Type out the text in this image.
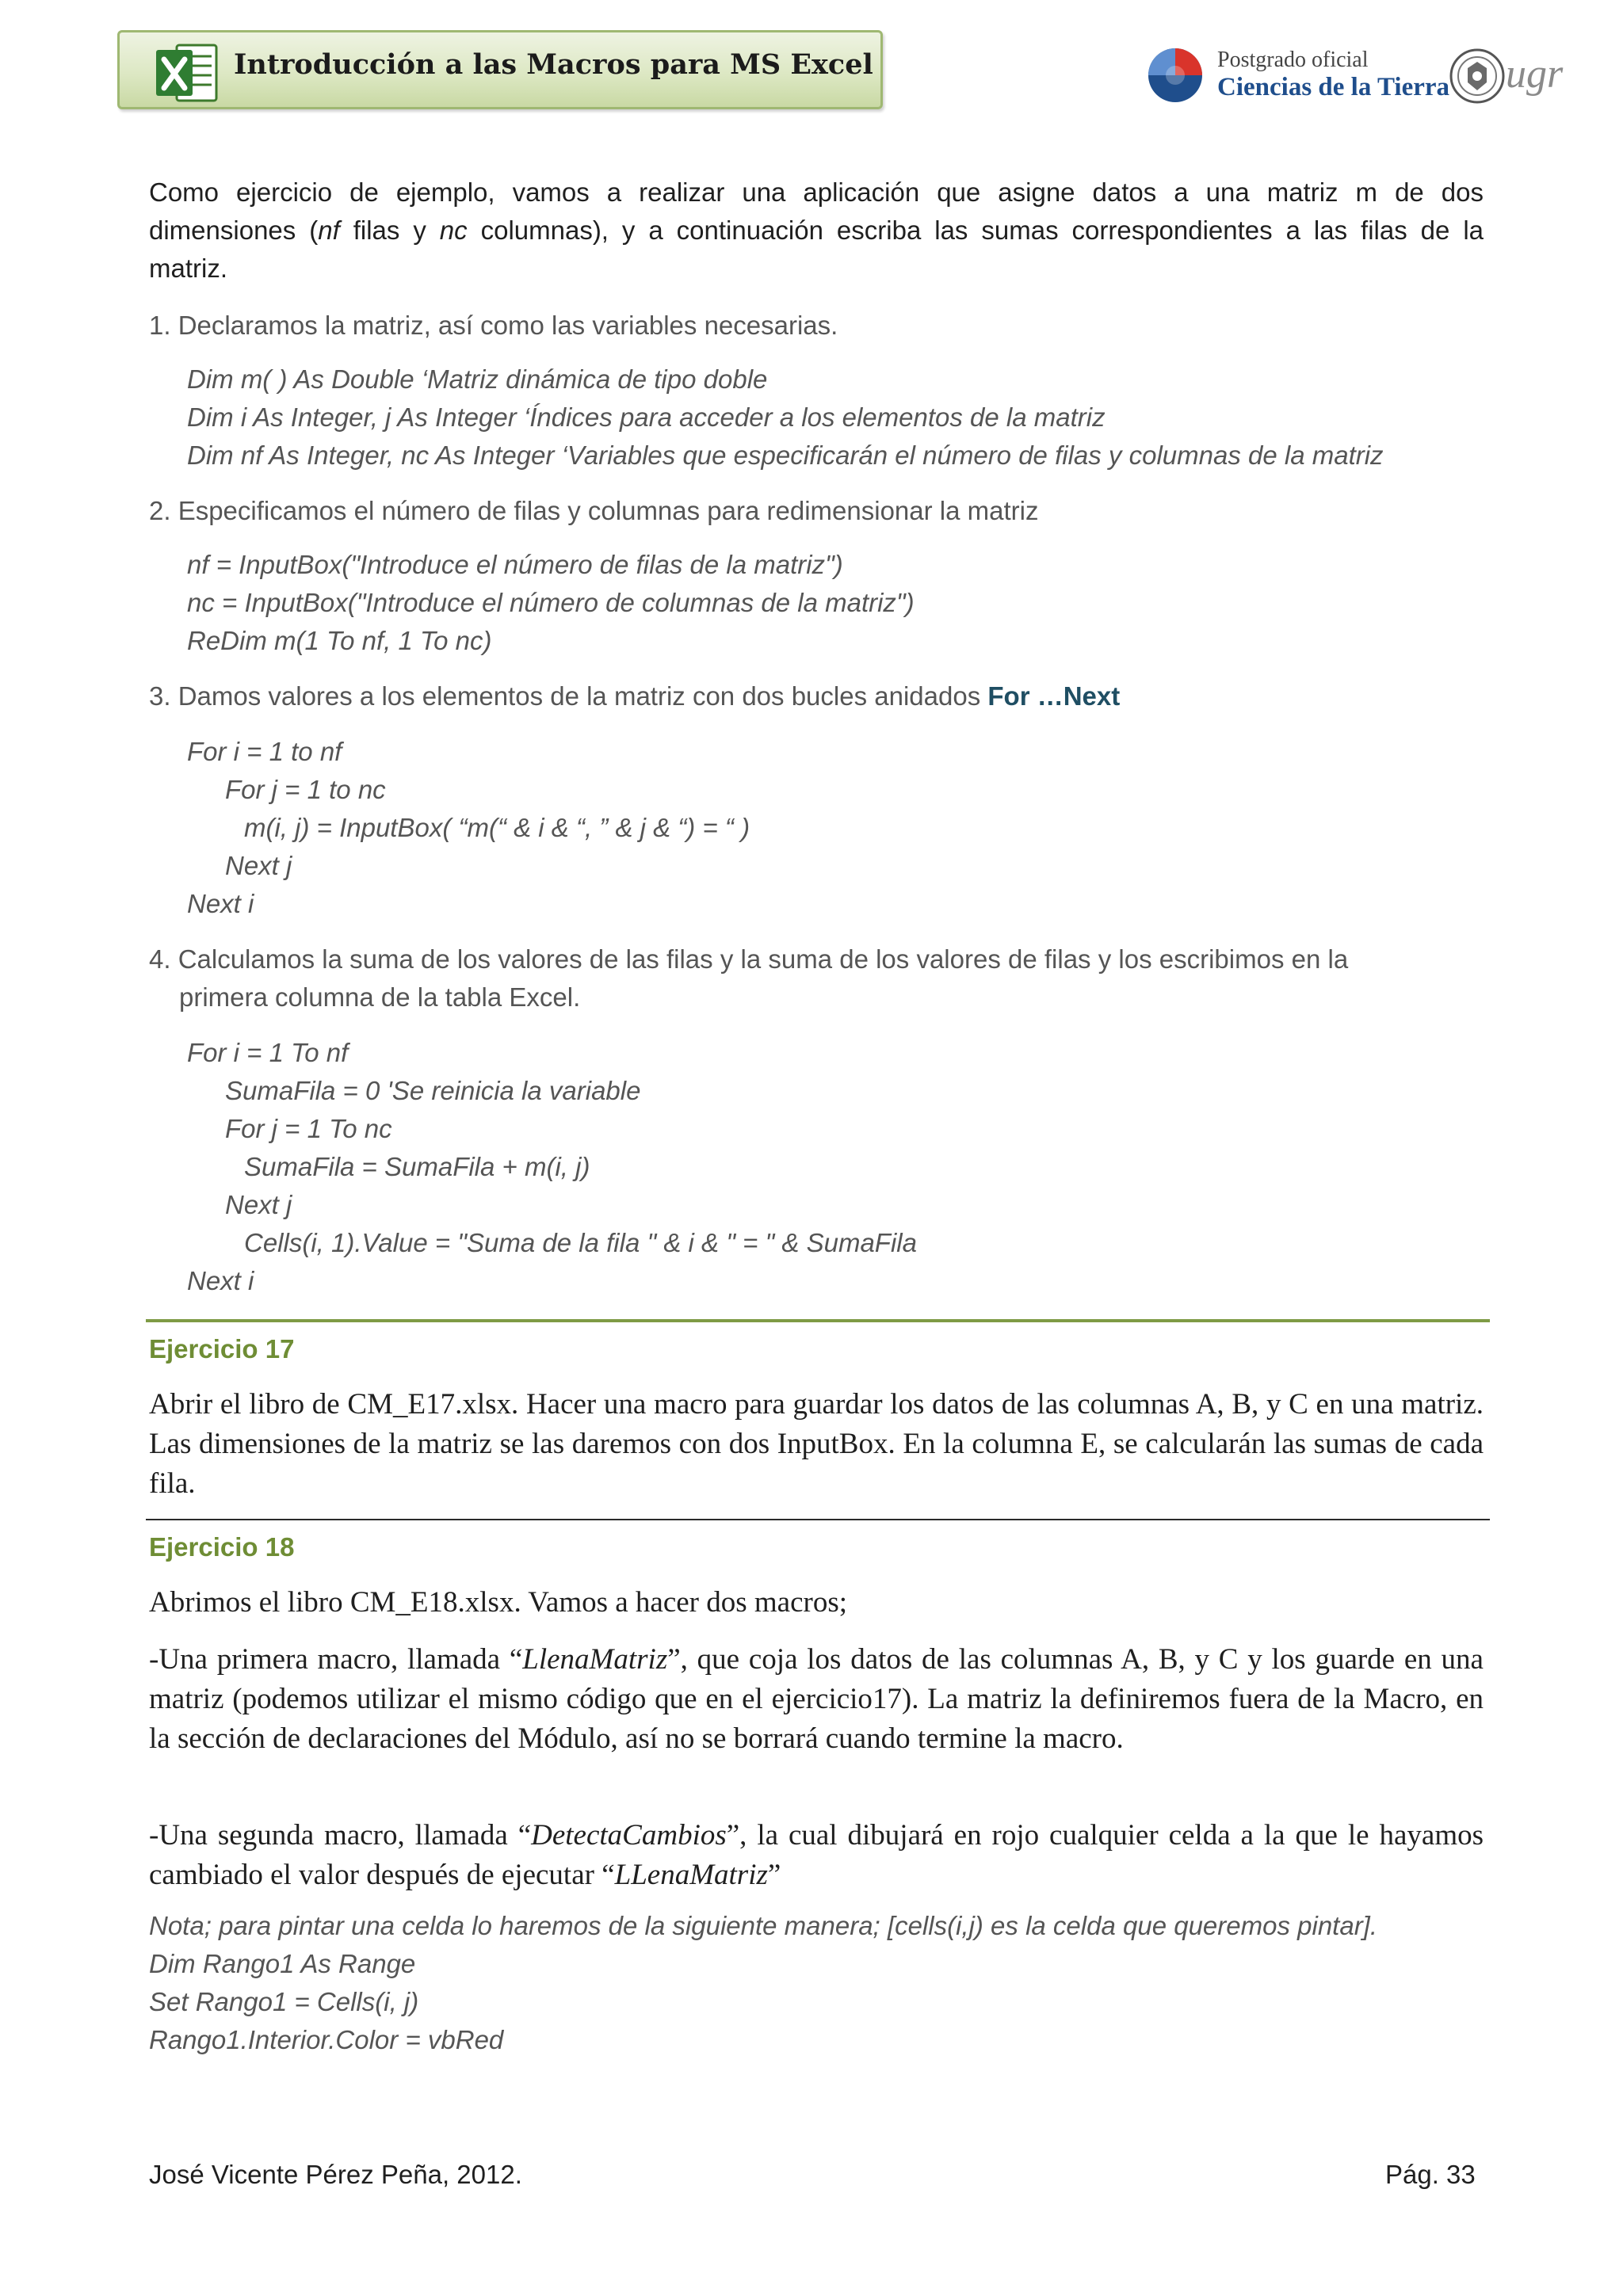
Introducción a las Macros para MS Excel	Postgrado oficial
Ciencias de la Tierra ugr
Como ejercicio de ejemplo, vamos a realizar una aplicación que asigne datos a una matriz m de dos
dimensiones (nf filas y nc columnas), y a continuación escriba las sumas correspondientes a las filas de la
matriz.
1. Declaramos la matriz, así como las variables necesarias.
Dim m( ) As Double ‘Matriz dinámica de tipo doble
Dim i As Integer, j As Integer ‘Índices para acceder a los elementos de la matriz
Dim nf As Integer, nc As Integer ‘Variables que especificarán el número de filas y columnas de la matriz
2. Especificamos el número de filas y columnas para redimensionar la matriz
nf = InputBox("Introduce el número de filas de la matriz")
nc = InputBox("Introduce el número de columnas de la matriz")
ReDim m(1 To nf, 1 To nc)
3. Damos valores a los elementos de la matriz con dos bucles anidados For …Next
For i = 1 to nf
For j = 1 to nc
m(i, j) = InputBox( “m(“ & i & “, ” & j & “) = “ )
Next j
Next i
4. Calculamos la suma de los valores de las filas y la suma de los valores de filas y los escribimos en la
primera columna de la tabla Excel.
For i = 1 To nf
SumaFila = 0 'Se reinicia la variable
For j = 1 To nc
SumaFila = SumaFila + m(i, j)
Next j
Cells(i, 1).Value = "Suma de la fila " & i & " = " & SumaFila
Next i
Ejercicio 17
Abrir el libro de CM_E17.xlsx. Hacer una macro para guardar los datos de las columnas A, B, y C en una matriz. Las dimensiones de la matriz se las daremos con dos InputBox. En la columna E, se calcularán las sumas de cada fila.
Ejercicio 18
Abrimos el libro CM_E18.xlsx. Vamos a hacer dos macros;
-Una primera macro, llamada “LlenaMatriz”, que coja los datos de las columnas A, B, y C y los guarde en una matriz (podemos utilizar el mismo código que en el ejercicio17). La matriz la definiremos fuera de la Macro, en la sección de declaraciones del Módulo, así no se borrará cuando termine la macro.
-Una segunda macro, llamada “DetectaCambios”, la cual dibujará en rojo cualquier celda a la que le hayamos cambiado el valor después de ejecutar “LLenaMatriz”
Nota; para pintar una celda lo haremos de la siguiente manera; [cells(i,j) es la celda que queremos pintar].
Dim Rango1 As Range
Set Rango1 = Cells(i, j)
Rango1.Interior.Color = vbRed
José Vicente Pérez Peña, 2012.	Pág. 33
